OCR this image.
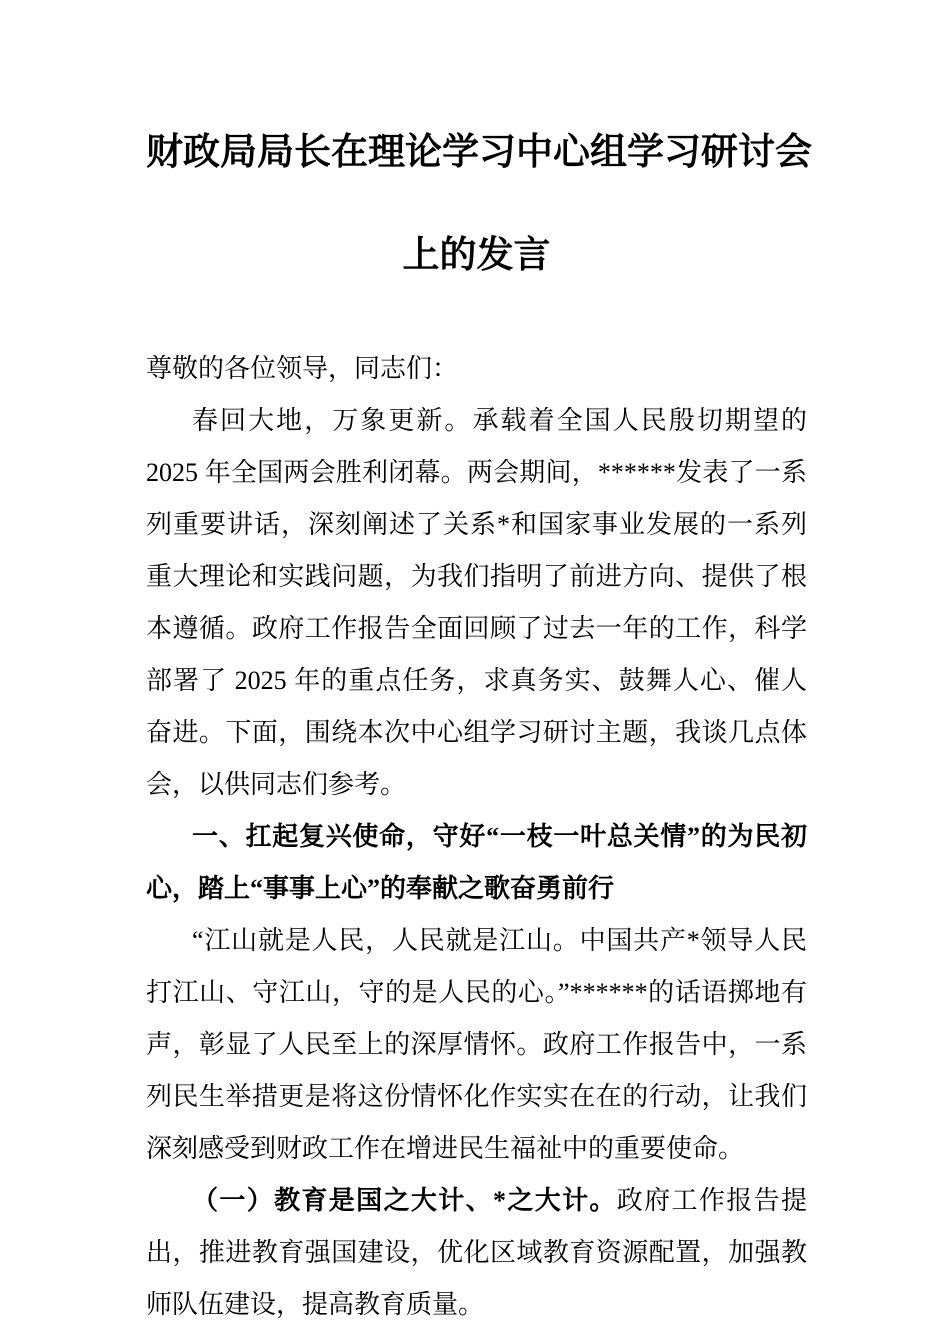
财政局局长在理论学习中心组学习研讨会
上的发言

尊敬的各位领导，同志们：

春回大地，万象更新。承载着全国人民殷切期望的 2025 年全国两会胜利闭幕。两会期间，******发表了一系列重要讲话，深刻阐述了关系*和国家事业发展的一系列重大理论和实践问题，为我们指明了前进方向、提供了根本遵循。政府工作报告全面回顾了过去一年的工作，科学部署了 2025 年的重点任务，求真务实、鼓舞人心、催人奋进。下面，围绕本次中心组学习研讨主题，我谈几点体会，以供同志们参考。

一、扛起复兴使命，守好“一枝一叶总关情”的为民初心，踏上“事事上心”的奉献之歌奋勇前行

“江山就是人民，人民就是江山。中国共产*领导人民打江山、守江山，守的是人民的心。”******的话语掷地有声，彰显了人民至上的深厚情怀。政府工作报告中，一系列民生举措更是将这份情怀化作实实在在的行动，让我们深刻感受到财政工作在增进民生福祉中的重要使命。

（一）教育是国之大计、*之大计。政府工作报告提出，推进教育强国建设，优化区域教育资源配置，加强教师队伍建设，提高教育质量。
